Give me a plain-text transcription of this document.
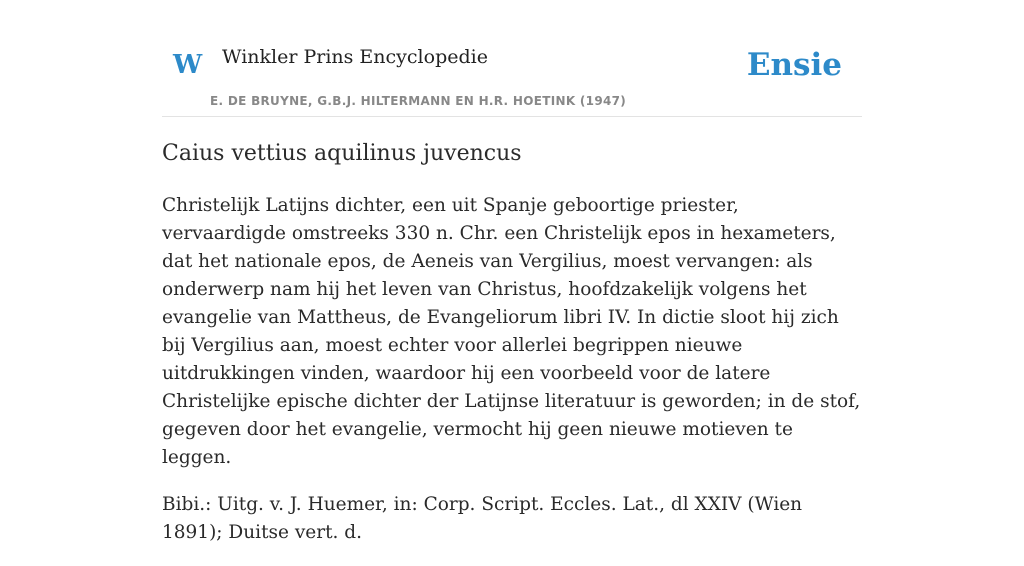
W Winkler Prins Encyclopedie
E. DE BRUYNE, G.B.J. HILTERMANN EN H.R. HOETINK (1947)
Ensie
Caius vettius aquilinus juvencus

Christelijk Latijns dichter, een uit Spanje geboortige priester, vervaardigde omstreeks 330 n. Chr. een Christelijk epos in hexameters, dat het nationale epos, de Aeneis van Vergilius, moest vervangen: als onderwerp nam hij het leven van Christus, hoofdzakelijk volgens het evangelie van Mattheus, de Evangeliorum libri IV. In dictie sloot hij zich bij Vergilius aan, moest echter voor allerlei begrippen nieuwe uitdrukkingen vinden, waardoor hij een voorbeeld voor de latere Christelijke epische dichter der Latijnse literatuur is geworden; in de stof, gegeven door het evangelie, vermocht hij geen nieuwe motieven te leggen.

Bibi.: Uitg. v. J. Huemer, in: Corp. Script. Eccles. Lat., dl XXIV (Wien 1891); Duitse vert. d.
